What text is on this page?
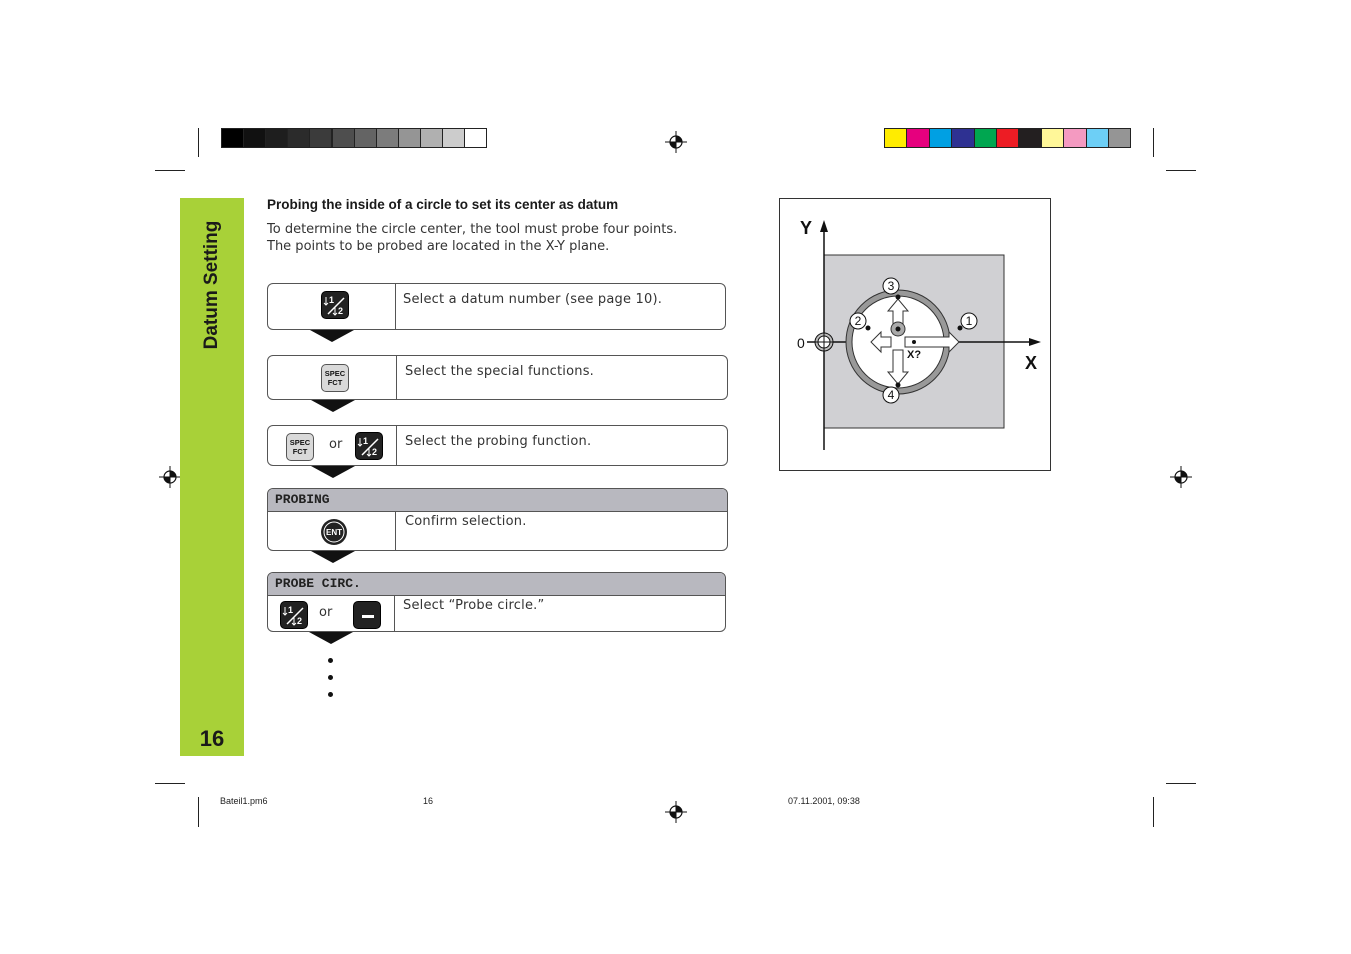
Datum Setting
16
Probing the inside of a circle to set its center as datum
To determine the circle center, the tool must probe four points.
The points to be probed are located in the X-Y plane.
1
2
Select a datum number (see page 10).
SPEC
FCT
Select the special functions.
SPEC
FCT	or 1
2
Select the probing function.
PROBING
ENT
Confirm selection.
PROBE CIRC.
1
2
or	Select “Probe circle.”
Y
X
0
X?
1
2
3
4
Bateil1.pm6	16	07.11.2001, 09:38
